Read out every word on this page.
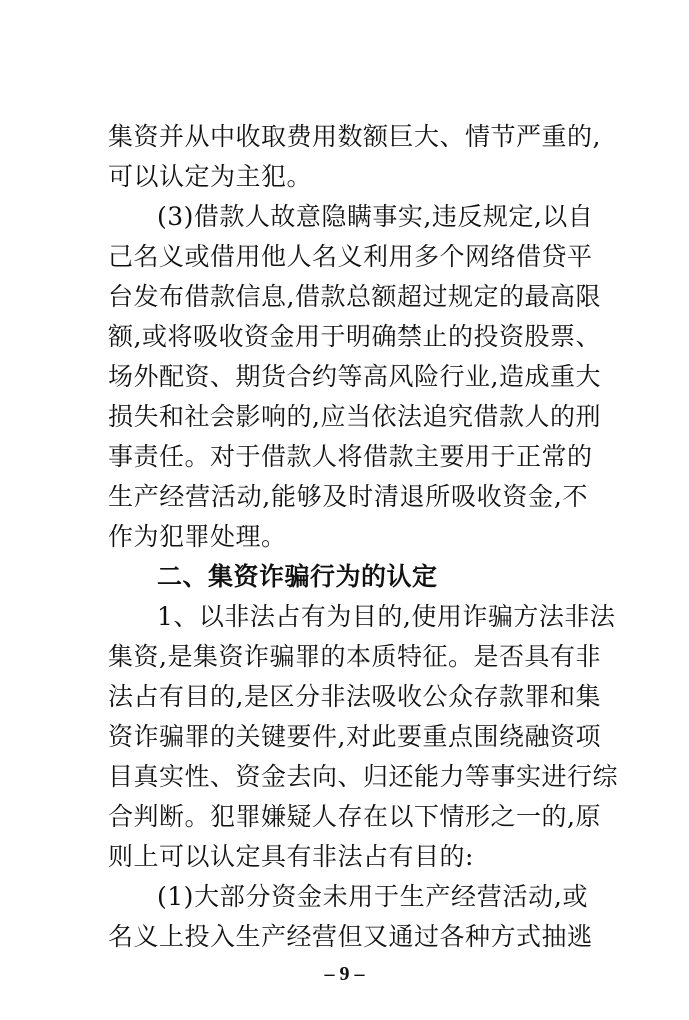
集资并从中收取费用数额巨大、情节严重的,
可以认定为主犯。
(3)借款人故意隐瞒事实,违反规定,以自
己名义或借用他人名义利用多个网络借贷平
台发布借款信息,借款总额超过规定的最高限
额,或将吸收资金用于明确禁止的投资股票、
场外配资、期货合约等高风险行业,造成重大
损失和社会影响的,应当依法追究借款人的刑
事责任。对于借款人将借款主要用于正常的
生产经营活动,能够及时清退所吸收资金,不
作为犯罪处理。
二、集资诈骗行为的认定
1、以非法占有为目的,使用诈骗方法非法
集资,是集资诈骗罪的本质特征。是否具有非
法占有目的,是区分非法吸收公众存款罪和集
资诈骗罪的关键要件,对此要重点围绕融资项
目真实性、资金去向、归还能力等事实进行综
合判断。犯罪嫌疑人存在以下情形之一的,原
则上可以认定具有非法占有目的:
(1)大部分资金未用于生产经营活动,或
名义上投入生产经营但又通过各种方式抽逃
– 9 –
